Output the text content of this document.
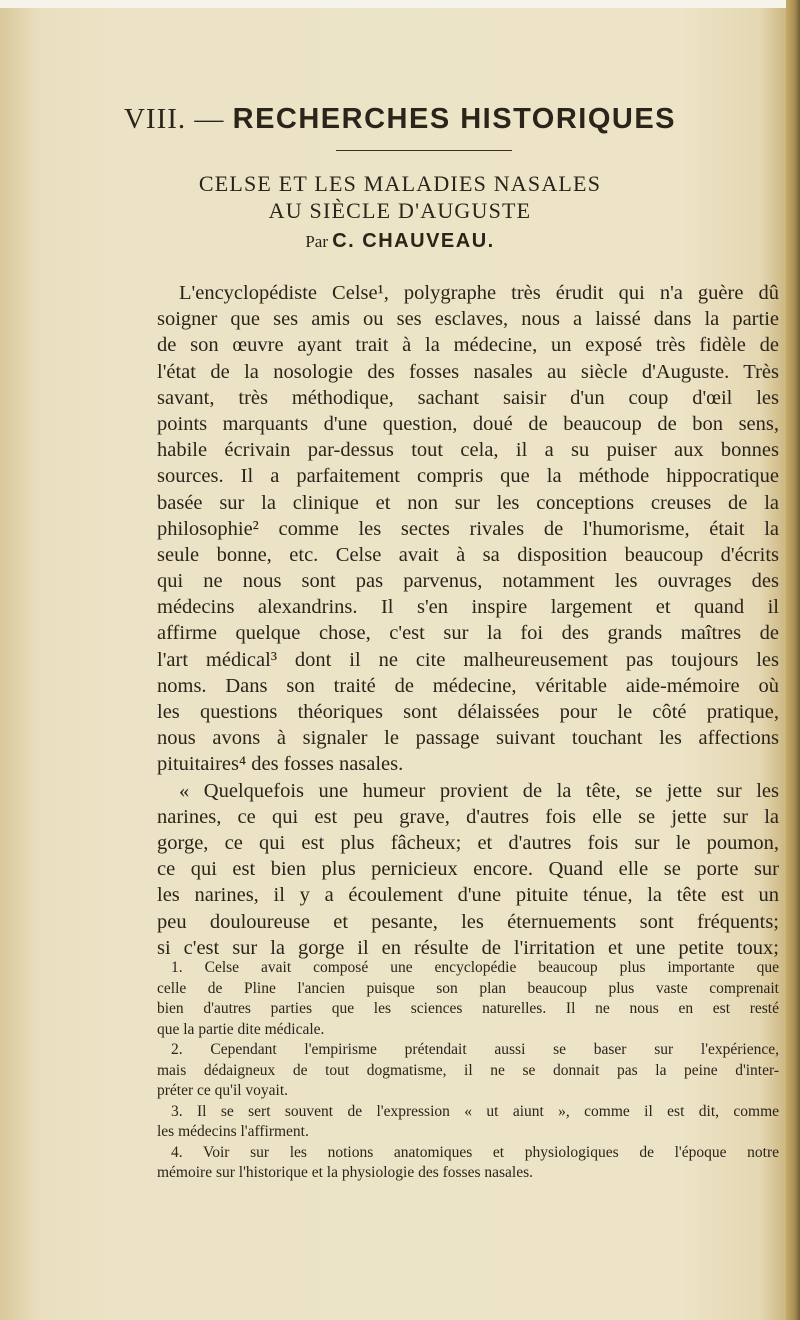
VIII. — RECHERCHES HISTORIQUES
CELSE ET LES MALADIES NASALES
AU SIÈCLE D'AUGUSTE
Par C. CHAUVEAU.
L'encyclopédiste Celse¹, polygraphe très érudit qui n'a guère dû
soigner que ses amis ou ses esclaves, nous a laissé dans la partie
de son œuvre ayant trait à la médecine, un exposé très fidèle de
l'état de la nosologie des fosses nasales au siècle d'Auguste. Très
savant, très méthodique, sachant saisir d'un coup d'œil les
points marquants d'une question, doué de beaucoup de bon sens,
habile écrivain par-dessus tout cela, il a su puiser aux bonnes
sources. Il a parfaitement compris que la méthode hippocratique
basée sur la clinique et non sur les conceptions creuses de la
philosophie² comme les sectes rivales de l'humorisme, était la
seule bonne, etc. Celse avait à sa disposition beaucoup d'écrits
qui ne nous sont pas parvenus, notamment les ouvrages des
médecins alexandrins. Il s'en inspire largement et quand il
affirme quelque chose, c'est sur la foi des grands maîtres de
l'art médical³ dont il ne cite malheureusement pas toujours les
noms. Dans son traité de médecine, véritable aide-mémoire où
les questions théoriques sont délaissées pour le côté pratique,
nous avons à signaler le passage suivant touchant les affections
pituitaires⁴ des fosses nasales.
« Quelquefois une humeur provient de la tête, se jette sur les
narines, ce qui est peu grave, d'autres fois elle se jette sur la
gorge, ce qui est plus fâcheux; et d'autres fois sur le poumon,
ce qui est bien plus pernicieux encore. Quand elle se porte sur
les narines, il y a écoulement d'une pituite ténue, la tête est un
peu douloureuse et pesante, les éternuements sont fréquents;
si c'est sur la gorge il en résulte de l'irritation et une petite toux;
1. Celse avait composé une encyclopédie beaucoup plus importante que
celle de Pline l'ancien puisque son plan beaucoup plus vaste comprenait
bien d'autres parties que les sciences naturelles. Il ne nous en est resté
que la partie dite médicale.
2. Cependant l'empirisme prétendait aussi se baser sur l'expérience,
mais dédaigneux de tout dogmatisme, il ne se donnait pas la peine d'inter-
préter ce qu'il voyait.
3. Il se sert souvent de l'expression « ut aiunt », comme il est dit, comme
les médecins l'affirment.
4. Voir sur les notions anatomiques et physiologiques de l'époque notre
mémoire sur l'historique et la physiologie des fosses nasales.
